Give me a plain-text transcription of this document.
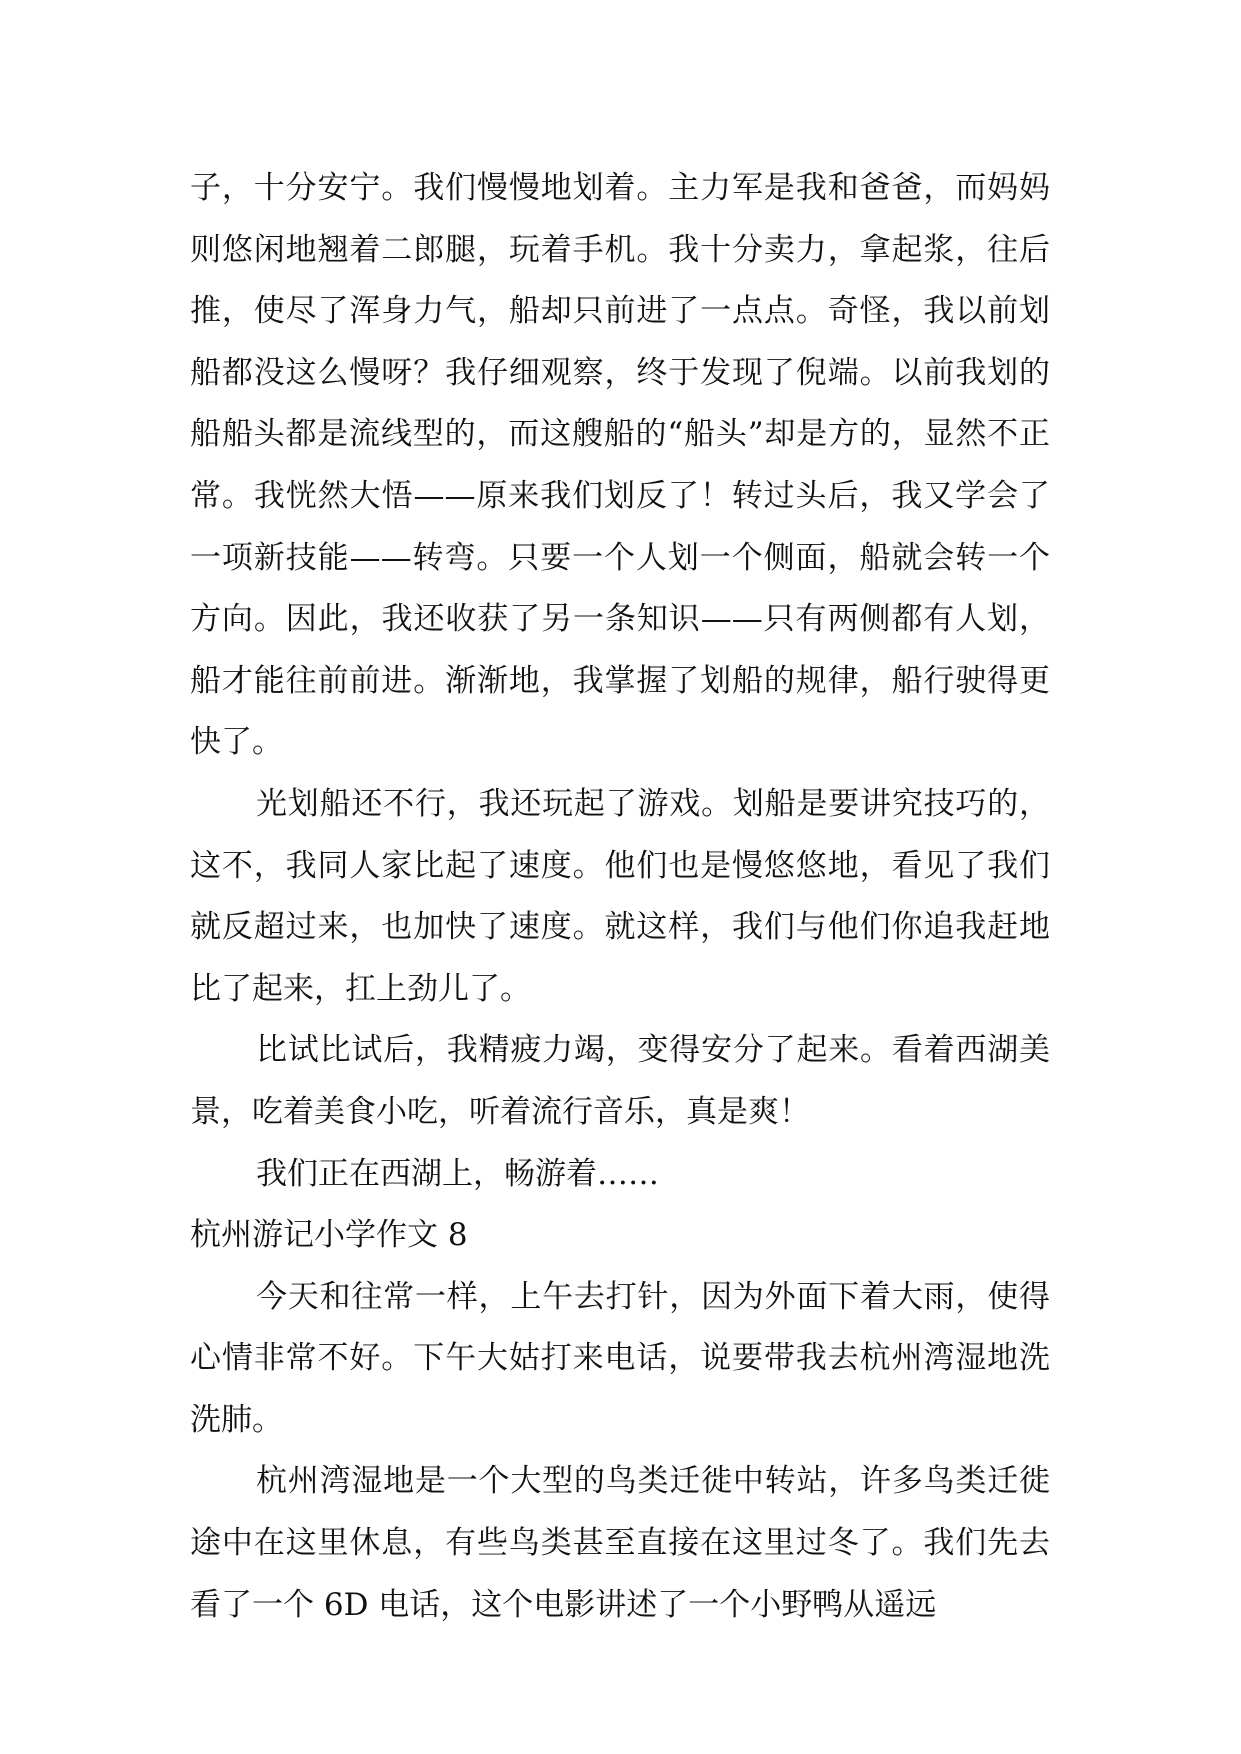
子，十分安宁。我们慢慢地划着。主力军是我和爸爸，而妈妈则悠闲地翘着二郎腿，玩着手机。我十分卖力，拿起浆，往后推，使尽了浑身力气，船却只前进了一点点。奇怪，我以前划船都没这么慢呀？我仔细观察，终于发现了倪端。以前我划的船船头都是流线型的，而这艘船的“船头”却是方的，显然不正常。我恍然大悟——原来我们划反了！转过头后，我又学会了一项新技能——转弯。只要一个人划一个侧面，船就会转一个方向。因此，我还收获了另一条知识——只有两侧都有人划，船才能往前前进。渐渐地，我掌握了划船的规律，船行驶得更快了。

光划船还不行，我还玩起了游戏。划船是要讲究技巧的，这不，我同人家比起了速度。他们也是慢悠悠地，看见了我们就反超过来，也加快了速度。就这样，我们与他们你追我赶地比了起来，扛上劲儿了。

比试比试后，我精疲力竭，变得安分了起来。看着西湖美景，吃着美食小吃，听着流行音乐，真是爽！

我们正在西湖上，畅游着……

杭州游记小学作文 8

今天和往常一样，上午去打针，因为外面下着大雨，使得心情非常不好。下午大姑打来电话，说要带我去杭州湾湿地洗洗肺。

杭州湾湿地是一个大型的鸟类迁徙中转站，许多鸟类迁徙途中在这里休息，有些鸟类甚至直接在这里过冬了。我们先去看了一个 6D 电话，这个电影讲述了一个小野鸭从遥远
